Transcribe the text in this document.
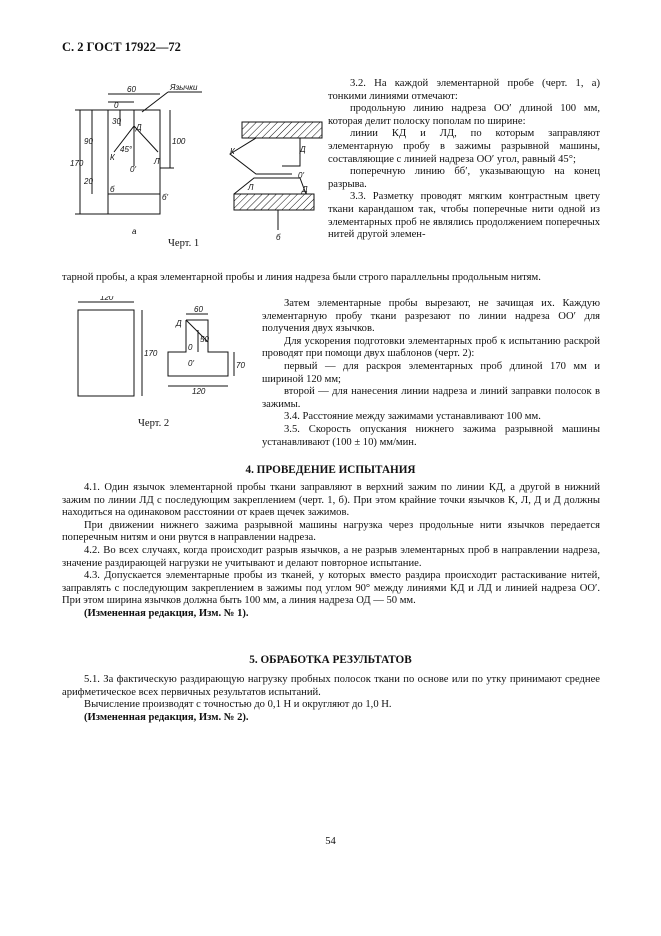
С. 2 ГОСТ 17922—72
60
0
Язычки
30
90
170
100
20
45°
Д
К	Л
0'
б
б'
а
К	Д
0'
Л	Д
б
Черт. 1

3.2. На каждой элементарной пробе (черт. 1, а) тонкими линиями отмечают:

продольную линию надреза ОО′ длиной 100 мм, которая делит полоску пополам по ширине:

линии КД и ЛД, по которым заправляют элементарную пробу в зажимы разрывной машины, составляющие с линией надреза ОО′ угол, равный 45°;

поперечную линию бб′, указывающую на конец разрыва.

3.3. Разметку проводят мягким контрастным цвету ткани карандашом так, чтобы поперечные нити одной из элементарных проб не являлись продолжением поперечных нитей другой элемен-

тарной пробы, а края элементарной пробы и линия надреза были строго параллельны продольным нитям.

120
170
60
Д
50
0
0'	70
120
Черт. 2

Затем элементарные пробы вырезают, не зачищая их. Каждую элементарную пробу ткани разрезают по линии надреза ОО′ для получения двух язычков.

Для ускорения подготовки элементарных проб к испытанию раскрой проводят при помощи двух шаблонов (черт. 2):

первый — для раскроя элементарных проб длиной 170 мм и шириной 120 мм;

второй — для нанесения линии надреза и линий заправки полосок в зажимы.

3.4. Расстояние между зажимами устанавливают 100 мм.

3.5. Скорость опускания нижнего зажима разрывной машины устанавливают (100 ± 10) мм/мин.

4. ПРОВЕДЕНИЕ ИСПЫТАНИЯ

4.1. Один язычок элементарной пробы ткани заправляют в верхний зажим по линии КД, а другой в нижний зажим по линии ЛД с последующим закреплением (черт. 1, б). При этом крайние точки язычков К, Л, Д и Д должны находиться на одинаковом расстоянии от краев щечек зажимов.

При движении нижнего зажима разрывной машины нагрузка через продольные нити язычков передается поперечным нитям и они рвутся в направлении надреза.

4.2. Во всех случаях, когда происходит разрыв язычков, а не разрыв элементарных проб в направлении надреза, значение раздирающей нагрузки не учитывают и делают повторное испытание.

4.3. Допускается элементарные пробы из тканей, у которых вместо раздира происходит растаскивание нитей, заправлять с последующим закреплением в зажимы под углом 90° между линиями КД и ЛД и линией надреза ОО′. При этом ширина язычков должна быть 100 мм, а линия надреза ОД — 50 мм.

(Измененная редакция, Изм. № 1).

5. ОБРАБОТКА РЕЗУЛЬТАТОВ

5.1. За фактическую раздирающую нагрузку пробных полосок ткани по основе или по утку принимают среднее арифметическое всех первичных результатов испытаний.

Вычисление производят с точностью до 0,1 Н и округляют до 1,0 Н.

(Измененная редакция, Изм. № 2).

54
